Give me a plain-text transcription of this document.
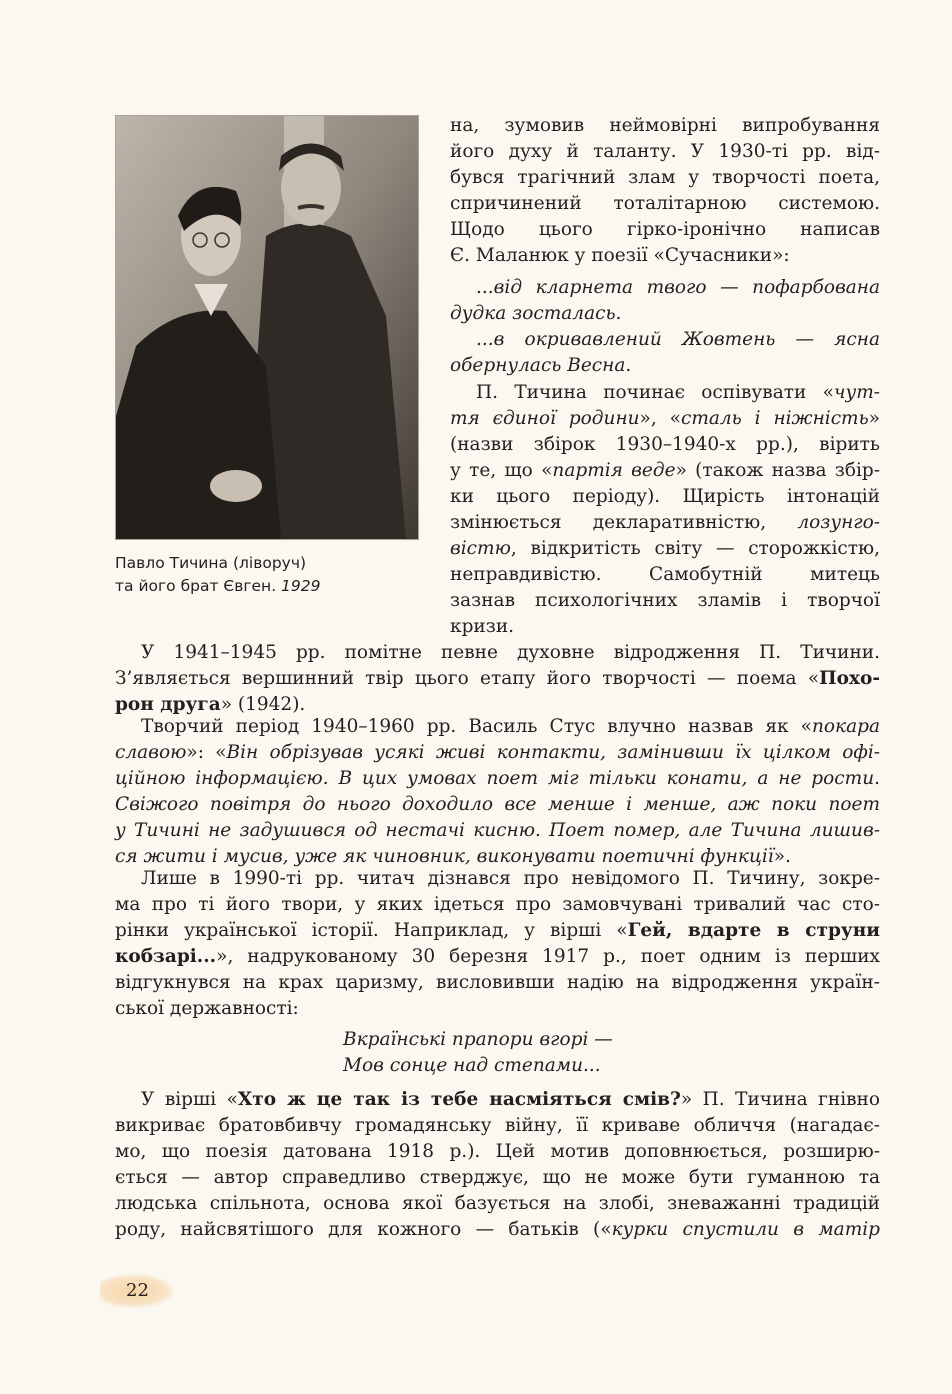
Павло Тичина (ліворуч)
та його брат Євген. 1929
на, зумовив неймовірні випробування
його духу й таланту. У 1930-ті рр. від-
бувся трагічний злам у творчості поета,
спричинений тоталітарною системою.
Щодо цього гірко-іронічно написав
Є. Маланюк у поезії «Сучасники»:
...від кларнета твого — пофарбована
дудка зосталась.
...в окривавлений Жовтень — ясна
обернулась Весна.
П. Тичина починає оспівувати «чут-
тя єдиної родини», «сталь і ніжність»
(назви збірок 1930–1940-х рр.), вірить
у те, що «партія веде» (також назва збір-
ки цього періоду). Щирість інтонацій
змінюється декларативністю, лозунго-
вістю, відкритість світу — сторожкістю,
неправдивістю. Самобутній митець
зазнав психологічних зламів і творчої
кризи.
У 1941–1945 рр. помітне певне духовне відродження П. Тичини.
З’являється вершинний твір цього етапу його творчості — поема «Похо-
рон друга» (1942).
Творчий період 1940–1960 рр. Василь Стус влучно назвав як «покара
славою»: «Він обрізував усякі живі контакти, замінивши їх цілком офі-
ційною інформацією. В цих умовах поет міг тільки конати, а не рости.
Свіжого повітря до нього доходило все менше і менше, аж поки поет
у Тичині не задушився од нестачі кисню. Поет помер, але Тичина лишив-
ся жити і мусив, уже як чиновник, виконувати поетичні функції».
Лише в 1990-ті рр. читач дізнався про невідомого П. Тичину, зокре-
ма про ті його твори, у яких ідеться про замовчувані тривалий час сто-
рінки української історії. Наприклад, у вірші «Гей, вдарте в струни
кобзарі...», надрукованому 30 березня 1917 р., поет одним із перших
відгукнувся на крах царизму, висловивши надію на відродження україн-
ської державності:
Вкраїнські прапори вгорі —
Мов сонце над степами...
У вірші «Хто ж це так із тебе насміяться смів?» П. Тичина гнівно
викриває братовбивчу громадянську війну, її криваве обличчя (нагадає-
мо, що поезія датована 1918 р.). Цей мотив доповнюється, розширю-
ється — автор справедливо стверджує, що не може бути гуманною та
людська спільнота, основа якої базується на злобі, зневажанні традицій
роду, найсвятішого для кожного — батьків («курки спустили в матір
22
